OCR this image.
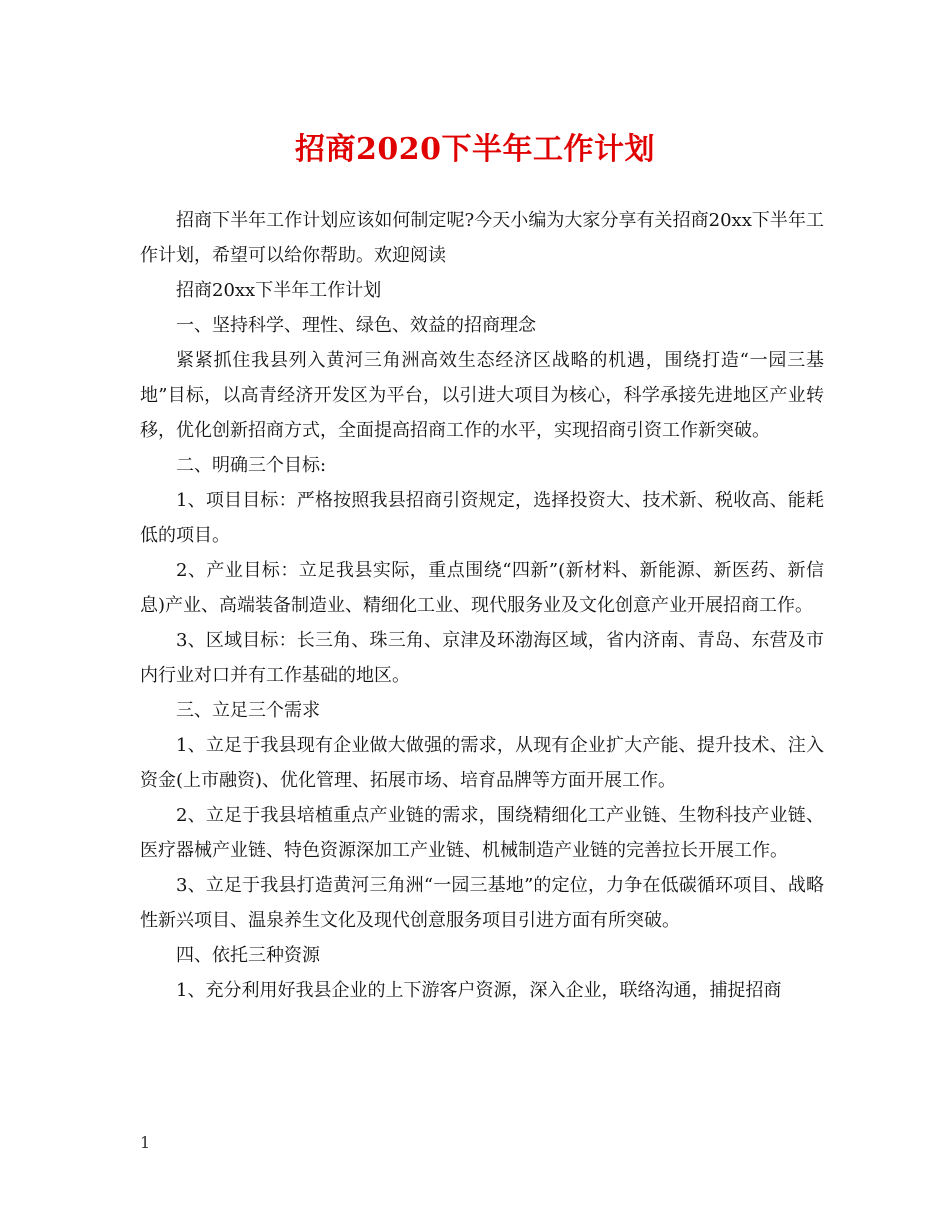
招商2020下半年工作计划

招商下半年工作计划应该如何制定呢?今天小编为大家分享有关招商20xx下半年工作计划，希望可以给你帮助。欢迎阅读

招商20xx下半年工作计划

一、坚持科学、理性、绿色、效益的招商理念

紧紧抓住我县列入黄河三角洲高效生态经济区战略的机遇，围绕打造“一园三基地”目标，以高青经济开发区为平台，以引进大项目为核心，科学承接先进地区产业转移，优化创新招商方式，全面提高招商工作的水平，实现招商引资工作新突破。

二、明确三个目标:

1、项目目标：严格按照我县招商引资规定，选择投资大、技术新、税收高、能耗低的项目。

2、产业目标：立足我县实际，重点围绕“四新”(新材料、新能源、新医药、新信息)产业、高端装备制造业、精细化工业、现代服务业及文化创意产业开展招商工作。

3、区域目标：长三角、珠三角、京津及环渤海区域，省内济南、青岛、东营及市内行业对口并有工作基础的地区。

三、立足三个需求

1、立足于我县现有企业做大做强的需求，从现有企业扩大产能、提升技术、注入资金(上市融资)、优化管理、拓展市场、培育品牌等方面开展工作。

2、立足于我县培植重点产业链的需求，围绕精细化工产业链、生物科技产业链、医疗器械产业链、特色资源深加工产业链、机械制造产业链的完善拉长开展工作。

3、立足于我县打造黄河三角洲“一园三基地”的定位，力争在低碳循环项目、战略性新兴项目、温泉养生文化及现代创意服务项目引进方面有所突破。

四、依托三种资源

1、充分利用好我县企业的上下游客户资源，深入企业，联络沟通，捕捉招商

1
